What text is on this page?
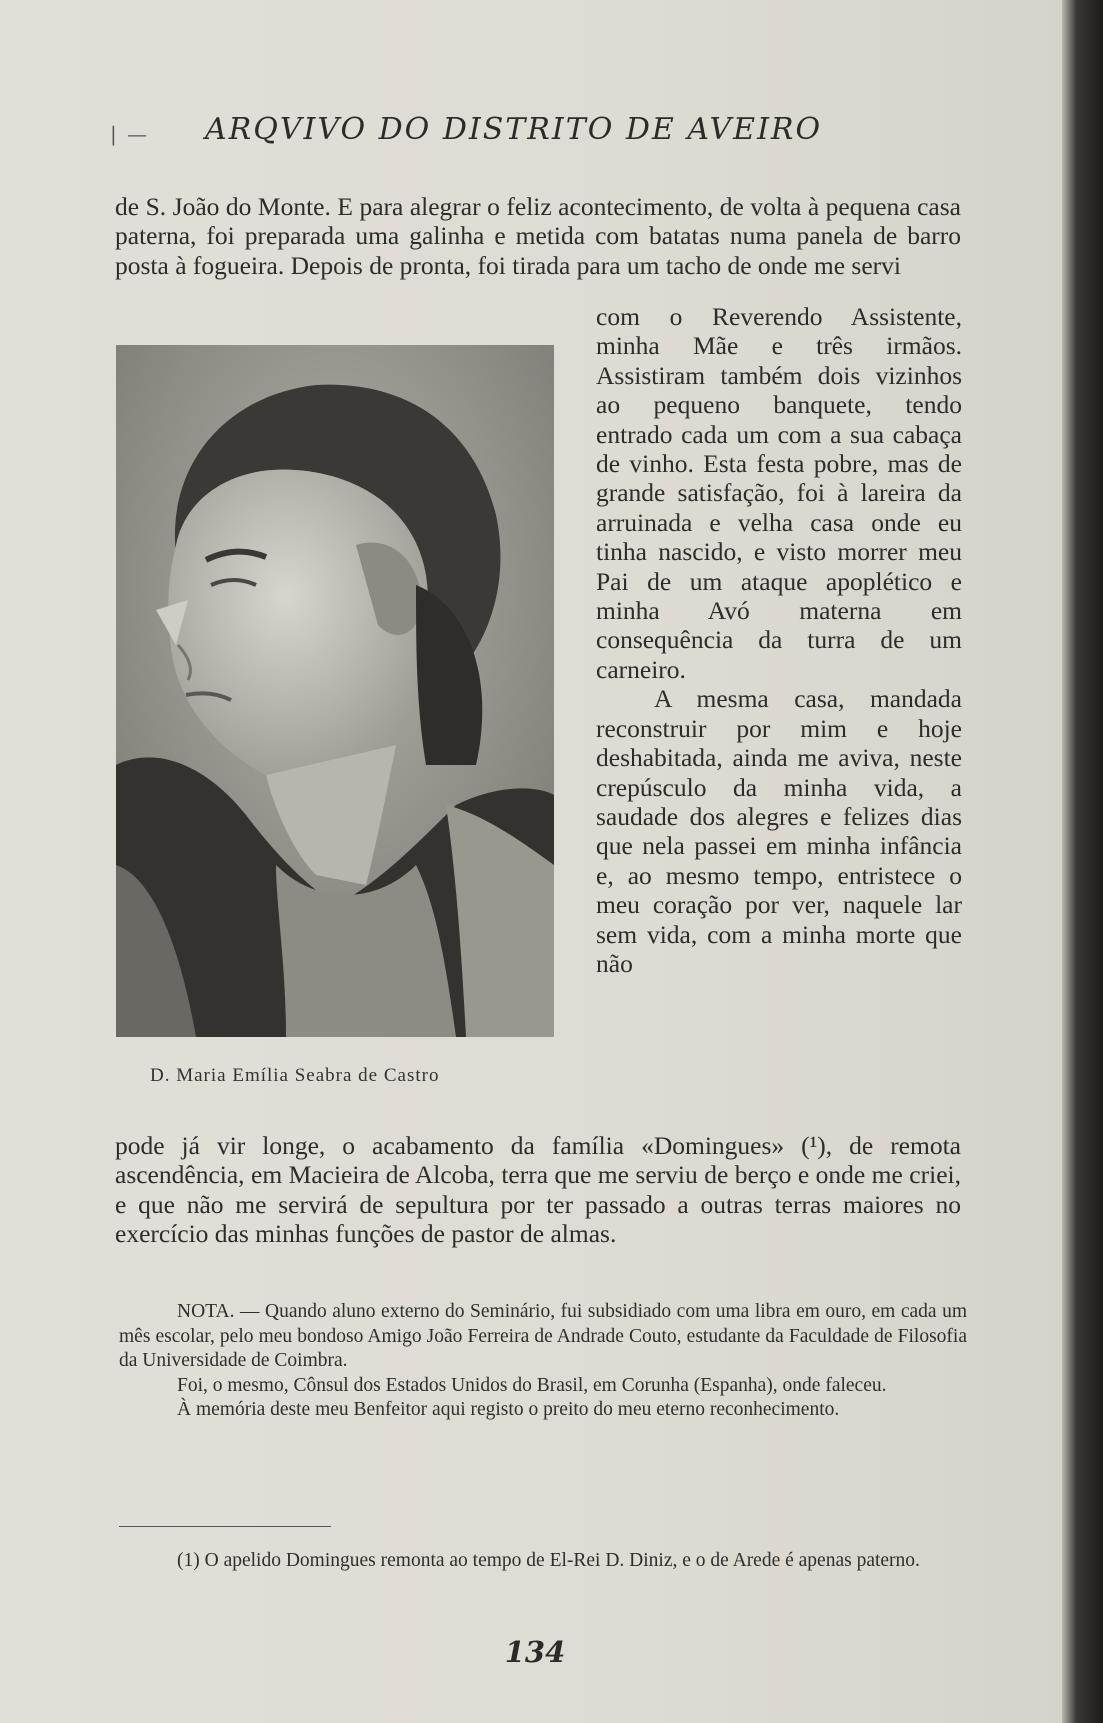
| — ARQVIVO DO DISTRITO DE AVEIRO

de S. João do Monte. E para alegrar o feliz acontecimento, de volta à pequena casa paterna, foi preparada uma galinha e metida com batatas numa panela de barro posta à fogueira. Depois de pronta, foi tirada para um tacho de onde me servi

D. Maria Emília Seabra de Castro

com o Reverendo Assistente, minha Mãe e três irmãos. Assistiram também dois vizinhos ao pequeno banquete, tendo entrado cada um com a sua cabaça de vinho. Esta festa pobre, mas de grande satisfação, foi à lareira da arruinada e velha casa onde eu tinha nascido, e visto morrer meu Pai de um ataque apoplético e minha Avó materna em consequência da turra de um carneiro.

A mesma casa, mandada reconstruir por mim e hoje deshabitada, ainda me aviva, neste crepúsculo da minha vida, a saudade dos alegres e felizes dias que nela passei em minha infância e, ao mesmo tempo, entristece o meu coração por ver, naquele lar sem vida, com a minha morte que não

pode já vir longe, o acabamento da família «Domingues» (¹), de remota ascendência, em Macieira de Alcoba, terra que me serviu de berço e onde me criei, e que não me servirá de sepultura por ter passado a outras terras maiores no exercício das minhas funções de pastor de almas.

NOTA. — Quando aluno externo do Seminário, fui subsidiado com uma libra em ouro, em cada um mês escolar, pelo meu bondoso Amigo João Ferreira de Andrade Couto, estudante da Faculdade de Filosofia da Universidade de Coimbra.

Foi, o mesmo, Cônsul dos Estados Unidos do Brasil, em Corunha (Espanha), onde faleceu.

À memória deste meu Benfeitor aqui registo o preito do meu eterno reconhecimento.

(1) O apelido Domingues remonta ao tempo de El-Rei D. Diniz, e o de Arede é apenas paterno.
134
